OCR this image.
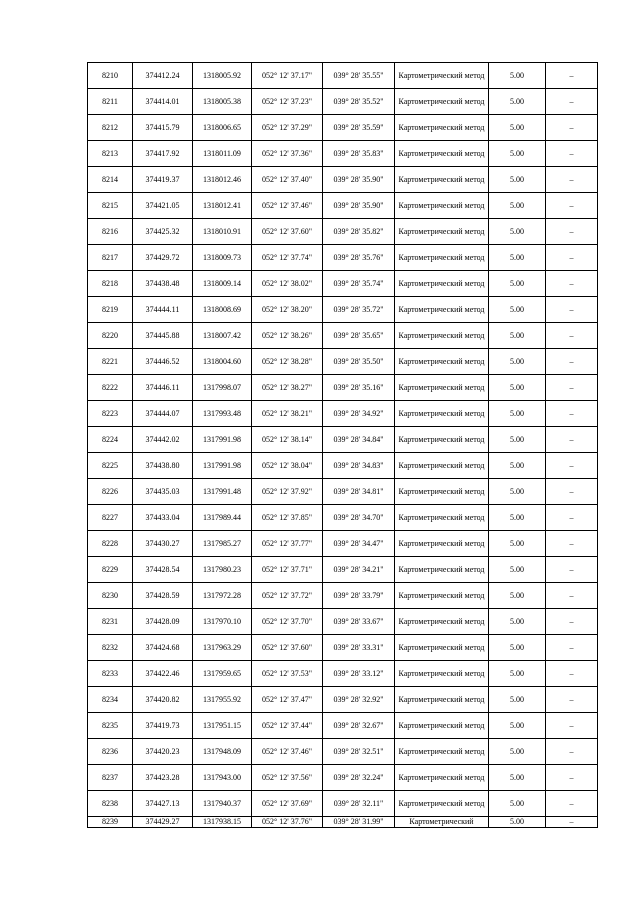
8210	374412.24	1318005.92	052° 12' 37.17"	039° 28' 35.55"	Картометрический метод	5.00	–
8211	374414.01	1318005.38	052° 12' 37.23"	039° 28' 35.52"	Картометрический метод	5.00	–
8212	374415.79	1318006.65	052° 12' 37.29"	039° 28' 35.59"	Картометрический метод	5.00	–
8213	374417.92	1318011.09	052° 12' 37.36"	039° 28' 35.83"	Картометрический метод	5.00	–
8214	374419.37	1318012.46	052° 12' 37.40"	039° 28' 35.90"	Картометрический метод	5.00	–
8215	374421.05	1318012.41	052° 12' 37.46"	039° 28' 35.90"	Картометрический метод	5.00	–
8216	374425.32	1318010.91	052° 12' 37.60"	039° 28' 35.82"	Картометрический метод	5.00	–
8217	374429.72	1318009.73	052° 12' 37.74"	039° 28' 35.76"	Картометрический метод	5.00	–
8218	374438.48	1318009.14	052° 12' 38.02"	039° 28' 35.74"	Картометрический метод	5.00	–
8219	374444.11	1318008.69	052° 12' 38.20"	039° 28' 35.72"	Картометрический метод	5.00	–
8220	374445.88	1318007.42	052° 12' 38.26"	039° 28' 35.65"	Картометрический метод	5.00	–
8221	374446.52	1318004.60	052° 12' 38.28"	039° 28' 35.50"	Картометрический метод	5.00	–
8222	374446.11	1317998.07	052° 12' 38.27"	039° 28' 35.16"	Картометрический метод	5.00	–
8223	374444.07	1317993.48	052° 12' 38.21"	039° 28' 34.92"	Картометрический метод	5.00	–
8224	374442.02	1317991.98	052° 12' 38.14"	039° 28' 34.84"	Картометрический метод	5.00	–
8225	374438.80	1317991.98	052° 12' 38.04"	039° 28' 34.83"	Картометрический метод	5.00	–
8226	374435.03	1317991.48	052° 12' 37.92"	039° 28' 34.81"	Картометрический метод	5.00	–
8227	374433.04	1317989.44	052° 12' 37.85"	039° 28' 34.70"	Картометрический метод	5.00	–
8228	374430.27	1317985.27	052° 12' 37.77"	039° 28' 34.47"	Картометрический метод	5.00	–
8229	374428.54	1317980.23	052° 12' 37.71"	039° 28' 34.21"	Картометрический метод	5.00	–
8230	374428.59	1317972.28	052° 12' 37.72"	039° 28' 33.79"	Картометрический метод	5.00	–
8231	374428.09	1317970.10	052° 12' 37.70"	039° 28' 33.67"	Картометрический метод	5.00	–
8232	374424.68	1317963.29	052° 12' 37.60"	039° 28' 33.31"	Картометрический метод	5.00	–
8233	374422.46	1317959.65	052° 12' 37.53"	039° 28' 33.12"	Картометрический метод	5.00	–
8234	374420.82	1317955.92	052° 12' 37.47"	039° 28' 32.92"	Картометрический метод	5.00	–
8235	374419.73	1317951.15	052° 12' 37.44"	039° 28' 32.67"	Картометрический метод	5.00	–
8236	374420.23	1317948.09	052° 12' 37.46"	039° 28' 32.51"	Картометрический метод	5.00	–
8237	374423.28	1317943.00	052° 12' 37.56"	039° 28' 32.24"	Картометрический метод	5.00	–
8238	374427.13	1317940.37	052° 12' 37.69"	039° 28' 32.11"	Картометрический метод	5.00	–
8239	374429.27	1317938.15	052° 12' 37.76"	039° 28' 31.99"	Картометрический	5.00	–
